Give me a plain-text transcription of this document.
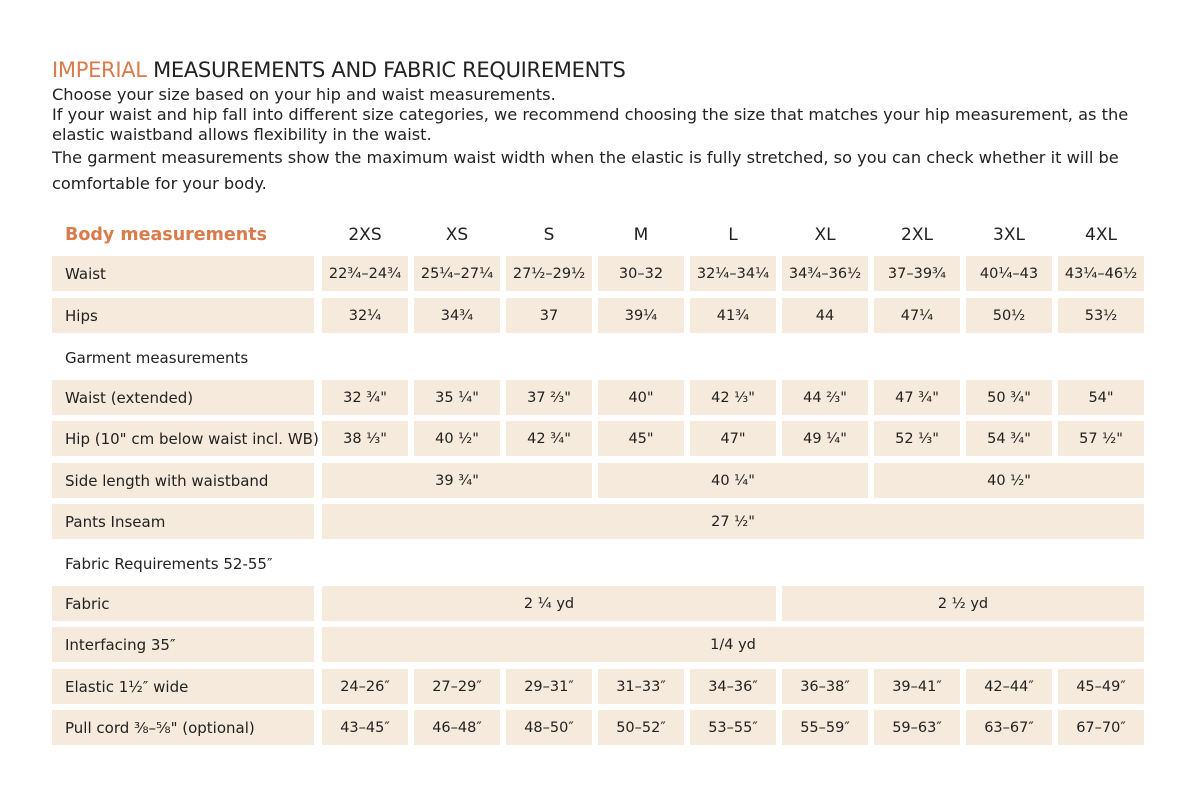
IMPERIAL MEASUREMENTS AND FABRIC REQUIREMENTS

Choose your size based on your hip and waist measurements.

If your waist and hip fall into different size categories, we recommend choosing the size that matches your hip measurement, as the elastic waistband allows flexibility in the waist.

The garment measurements show the maximum waist width when the elastic is fully stretched, so you can check whether it will be comfortable for your body.

Body measurements	2XS	XS	S	M	L	XL	2XL	3XL	4XL
Waist	22¾–24¾	25¼–27¼	27½–29½	30–32	32¼–34¼	34¾–36½	37–39¾	40¼–43	43¼–46½
Hips	32¼	34¾	37	39¼	41¾	44	47¼	50½	53½
Garment measurements
Waist (extended)	32 ¾"	35 ¼"	37 ⅔"	40"	42 ⅓"	44 ⅔"	47 ¾"	50 ¾"	54"
Hip (10" cm below waist incl. WB)	38 ⅓"	40 ½"	42 ¾"	45"	47"	49 ¼"	52 ⅓"	54 ¾"	57 ½"
Side length with waistband	39 ¾"	40 ¼"	40 ½"
Pants Inseam	27 ½"
Fabric Requirements 52-55″
Fabric	2 ¼ yd	2 ½ yd
Interfacing 35″	1/4 yd
Elastic 1½″ wide	24–26″	27–29″	29–31″	31–33″	34–36″	36–38″	39–41″	42–44″	45–49″
Pull cord ⅜–⅝" (optional)	43–45″	46–48″	48–50″	50–52″	53–55″	55–59″	59–63″	63–67″	67–70″
